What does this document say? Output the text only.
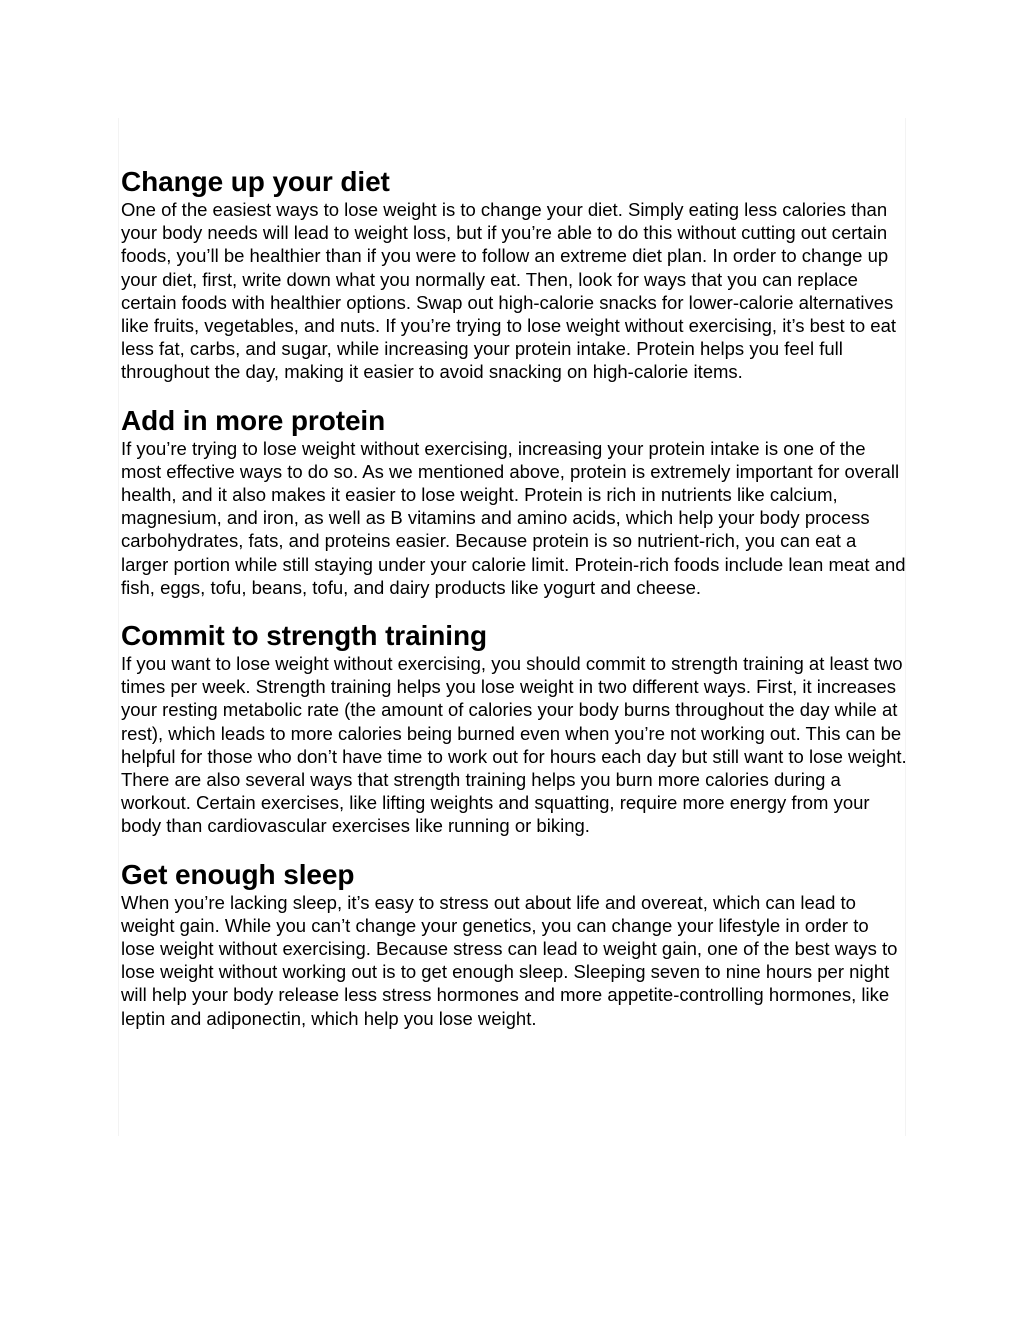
Change up your diet

One of the easiest ways to lose weight is to change your diet. Simply eating less calories than your body needs will lead to weight loss, but if you’re able to do this without cutting out certain foods, you’ll be healthier than if you were to follow an extreme diet plan. In order to change up your diet, first, write down what you normally eat. Then, look for ways that you can replace certain foods with healthier options. Swap out high-calorie snacks for lower-calorie alternatives like fruits, vegetables, and nuts. If you’re trying to lose weight without exercising, it’s best to eat less fat, carbs, and sugar, while increasing your protein intake. Protein helps you feel full throughout the day, making it easier to avoid snacking on high-calorie items.

Add in more protein

If you’re trying to lose weight without exercising, increasing your protein intake is one of the most effective ways to do so. As we mentioned above, protein is extremely important for overall health, and it also makes it easier to lose weight. Protein is rich in nutrients like calcium, magnesium, and iron, as well as B vitamins and amino acids, which help your body process carbohydrates, fats, and proteins easier. Because protein is so nutrient-rich, you can eat a larger portion while still staying under your calorie limit. Protein-rich foods include lean meat and fish, eggs, tofu, beans, tofu, and dairy products like yogurt and cheese.

Commit to strength training

If you want to lose weight without exercising, you should commit to strength training at least two times per week. Strength training helps you lose weight in two different ways. First, it increases your resting metabolic rate (the amount of calories your body burns throughout the day while at rest), which leads to more calories being burned even when you’re not working out. This can be helpful for those who don’t have time to work out for hours each day but still want to lose weight. There are also several ways that strength training helps you burn more calories during a workout. Certain exercises, like lifting weights and squatting, require more energy from your body than cardiovascular exercises like running or biking.

Get enough sleep

When you’re lacking sleep, it’s easy to stress out about life and overeat, which can lead to weight gain. While you can’t change your genetics, you can change your lifestyle in order to lose weight without exercising. Because stress can lead to weight gain, one of the best ways to lose weight without working out is to get enough sleep. Sleeping seven to nine hours per night will help your body release less stress hormones and more appetite-controlling hormones, like leptin and adiponectin, which help you lose weight.
